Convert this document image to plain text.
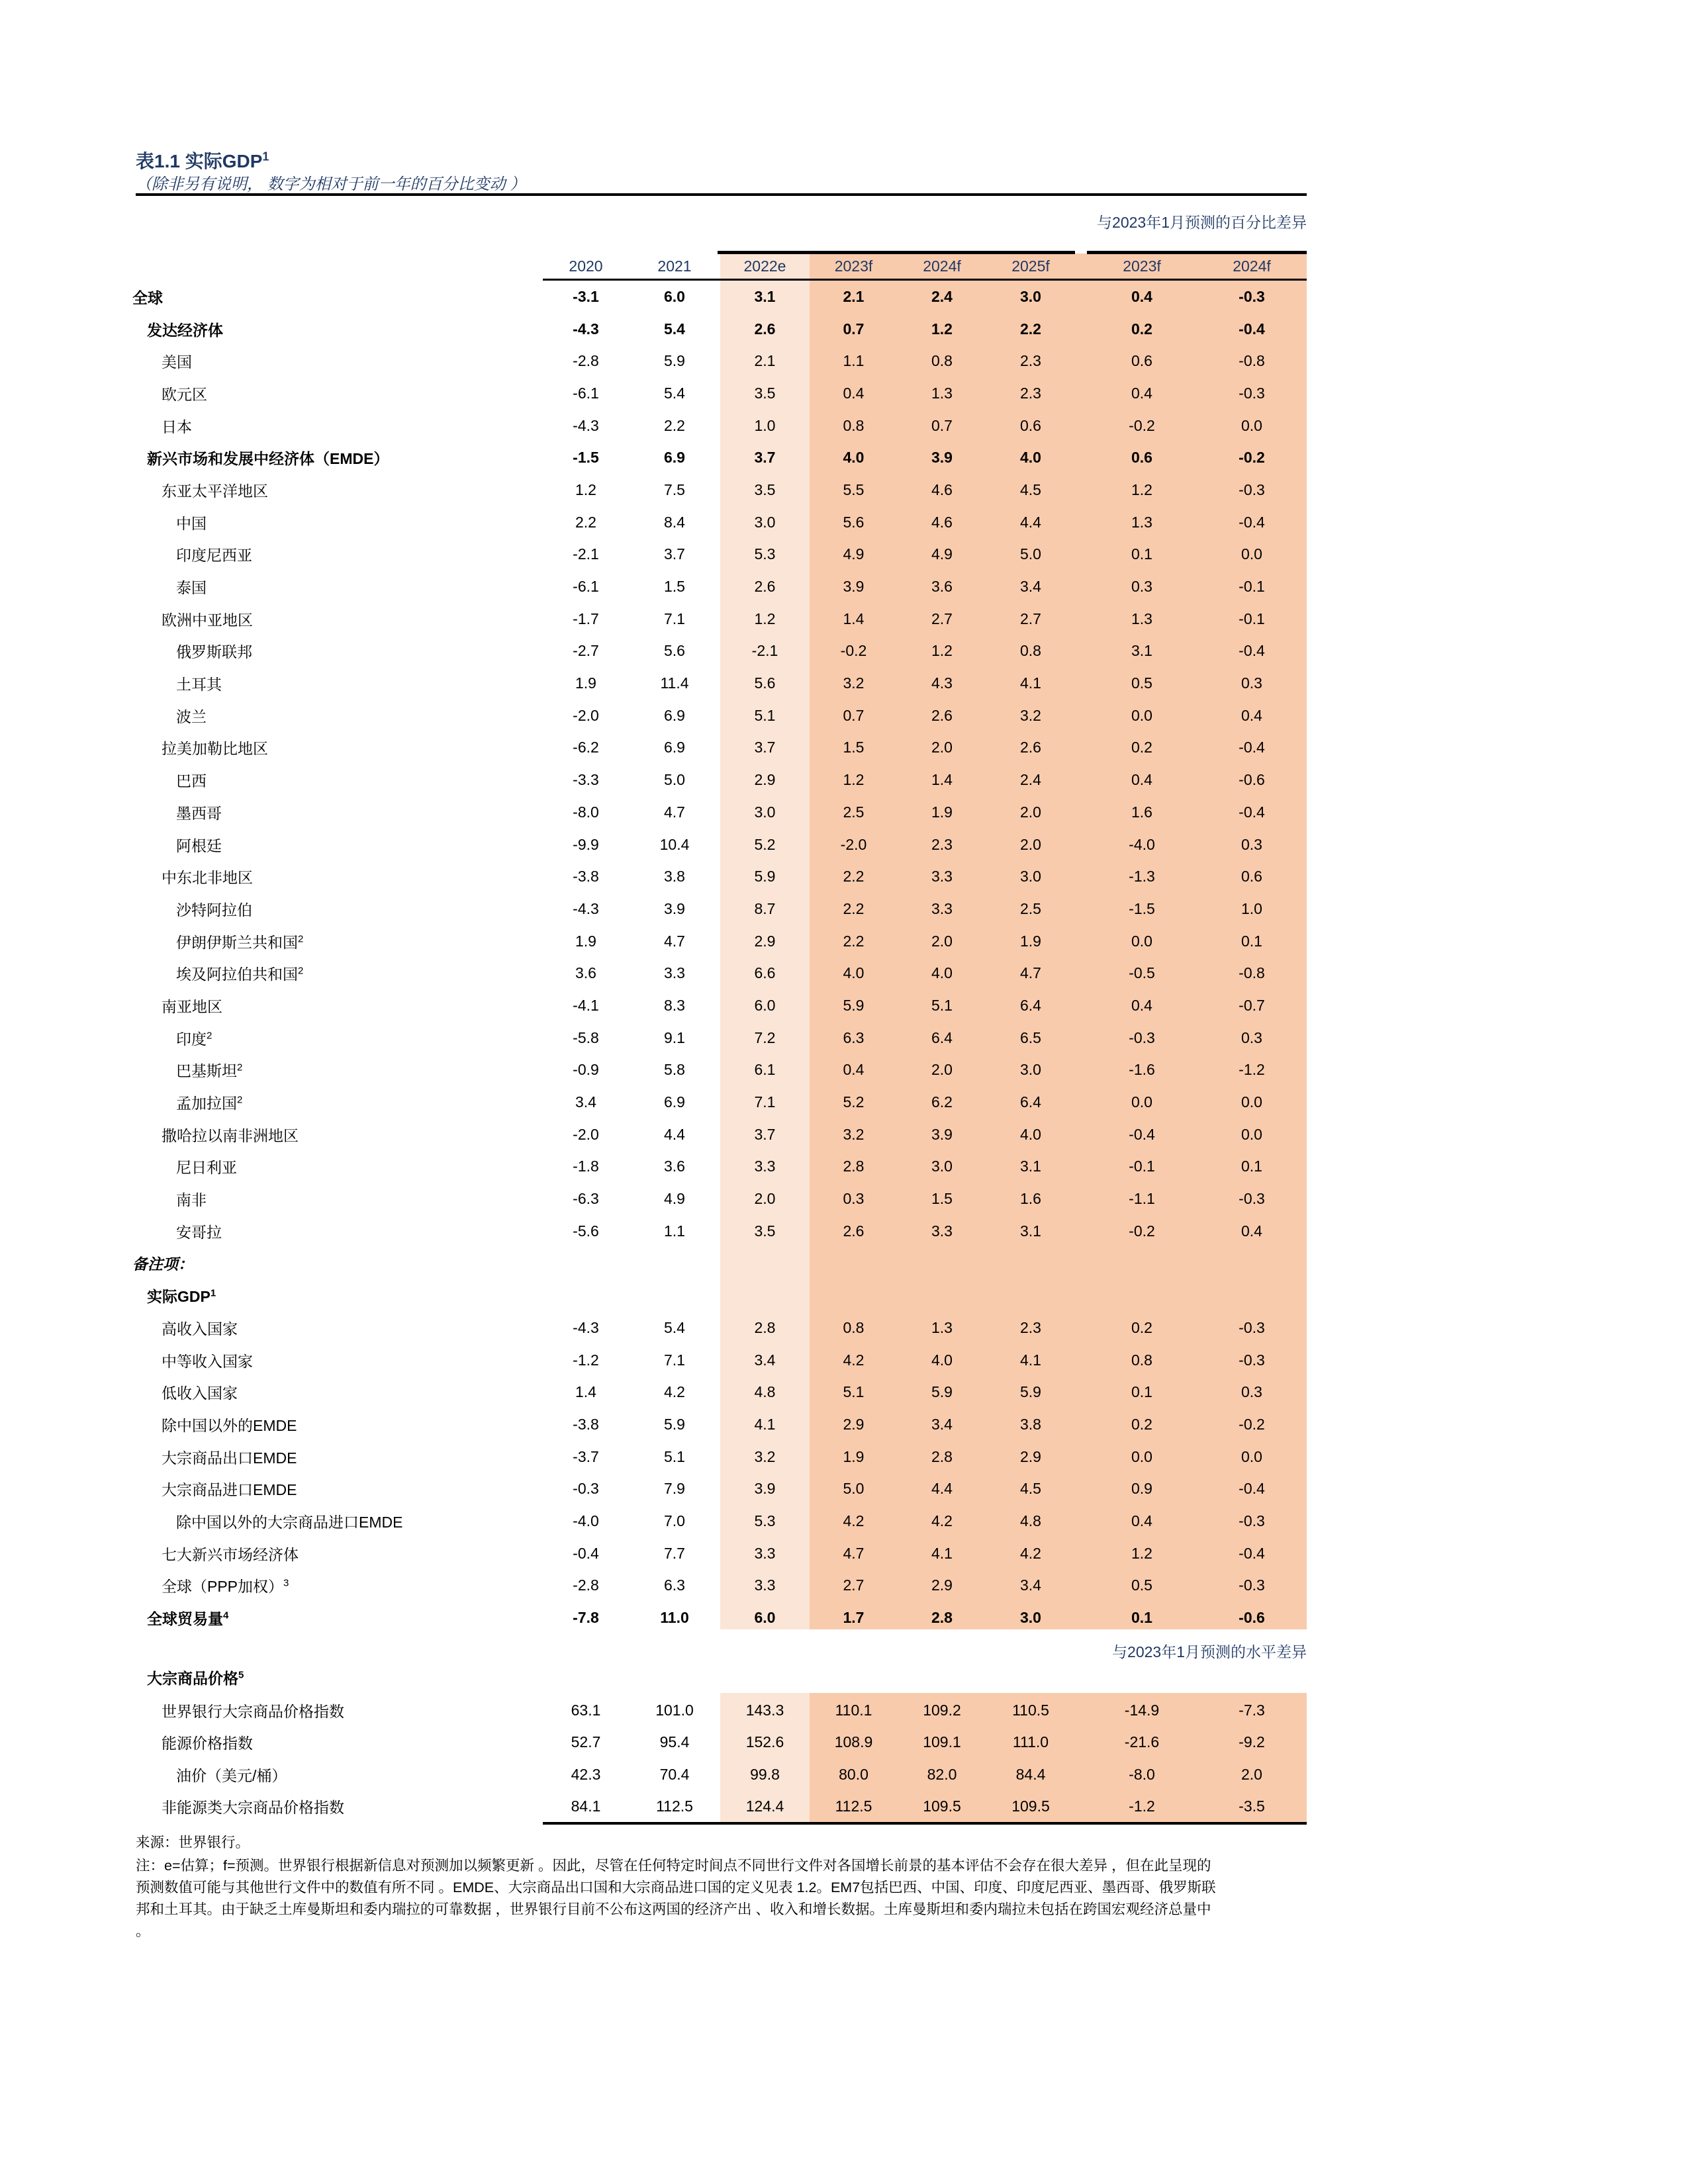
表1.1 实际GDP$^1$
（除非另有说明， 数字为相对于前一年的百分比变动 ）
与2023年1月预测的百分比差异
与2023年1月预测的水平差异
2020	2021	2022e	2023f	2024f	2025f	2023f	2024f
全球	-3.1	6.0	3.1	2.1	2.4	3.0	0.4	-0.3
发达经济体	-4.3	5.4	2.6	0.7	1.2	2.2	0.2	-0.4
美国	-2.8	5.9	2.1	1.1	0.8	2.3	0.6	-0.8
欧元区	-6.1	5.4	3.5	0.4	1.3	2.3	0.4	-0.3
日本	-4.3	2.2	1.0	0.8	0.7	0.6	-0.2	0.0
新兴市场和发展中经济体（EMDE）	-1.5	6.9	3.7	4.0	3.9	4.0	0.6	-0.2
东亚太平洋地区	1.2	7.5	3.5	5.5	4.6	4.5	1.2	-0.3
中国	2.2	8.4	3.0	5.6	4.6	4.4	1.3	-0.4
印度尼西亚	-2.1	3.7	5.3	4.9	4.9	5.0	0.1	0.0
泰国	-6.1	1.5	2.6	3.9	3.6	3.4	0.3	-0.1
欧洲中亚地区	-1.7	7.1	1.2	1.4	2.7	2.7	1.3	-0.1
俄罗斯联邦	-2.7	5.6	-2.1	-0.2	1.2	0.8	3.1	-0.4
土耳其	1.9	11.4	5.6	3.2	4.3	4.1	0.5	0.3
波兰	-2.0	6.9	5.1	0.7	2.6	3.2	0.0	0.4
拉美加勒比地区	-6.2	6.9	3.7	1.5	2.0	2.6	0.2	-0.4
巴西	-3.3	5.0	2.9	1.2	1.4	2.4	0.4	-0.6
墨西哥	-8.0	4.7	3.0	2.5	1.9	2.0	1.6	-0.4
阿根廷	-9.9	10.4	5.2	-2.0	2.3	2.0	-4.0	0.3
中东北非地区	-3.8	3.8	5.9	2.2	3.3	3.0	-1.3	0.6
沙特阿拉伯	-4.3	3.9	8.7	2.2	3.3	2.5	-1.5	1.0
伊朗伊斯兰共和国$^2$	1.9	4.7	2.9	2.2	2.0	1.9	0.0	0.1
埃及阿拉伯共和国$^2$	3.6	3.3	6.6	4.0	4.0	4.7	-0.5	-0.8
南亚地区	-4.1	8.3	6.0	5.9	5.1	6.4	0.4	-0.7
印度$^2$	-5.8	9.1	7.2	6.3	6.4	6.5	-0.3	0.3
巴基斯坦$^2$	-0.9	5.8	6.1	0.4	2.0	3.0	-1.6	-1.2
孟加拉国$^2$	3.4	6.9	7.1	5.2	6.2	6.4	0.0	0.0
撒哈拉以南非洲地区	-2.0	4.4	3.7	3.2	3.9	4.0	-0.4	0.0
尼日利亚	-1.8	3.6	3.3	2.8	3.0	3.1	-0.1	0.1
南非	-6.3	4.9	2.0	0.3	1.5	1.6	-1.1	-0.3
安哥拉	-5.6	1.1	3.5	2.6	3.3	3.1	-0.2	0.4
备注项：
实际GDP$^1$
高收入国家	-4.3	5.4	2.8	0.8	1.3	2.3	0.2	-0.3
中等收入国家	-1.2	7.1	3.4	4.2	4.0	4.1	0.8	-0.3
低收入国家	1.4	4.2	4.8	5.1	5.9	5.9	0.1	0.3
除中国以外的EMDE	-3.8	5.9	4.1	2.9	3.4	3.8	0.2	-0.2
大宗商品出口EMDE	-3.7	5.1	3.2	1.9	2.8	2.9	0.0	0.0
大宗商品进口EMDE	-0.3	7.9	3.9	5.0	4.4	4.5	0.9	-0.4
除中国以外的大宗商品进口EMDE	-4.0	7.0	5.3	4.2	4.2	4.8	0.4	-0.3
七大新兴市场经济体	-0.4	7.7	3.3	4.7	4.1	4.2	1.2	-0.4
全球（PPP加权）$^3$	-2.8	6.3	3.3	2.7	2.9	3.4	0.5	-0.3
全球贸易量$^4$	-7.8	11.0	6.0	1.7	2.8	3.0	0.1	-0.6
大宗商品价格$^5$
世界银行大宗商品价格指数	63.1	101.0	143.3	110.1	109.2	110.5	-14.9	-7.3
能源价格指数	52.7	95.4	152.6	108.9	109.1	111.0	-21.6	-9.2
油价（美元/桶）	42.3	70.4	99.8	80.0	82.0	84.4	-8.0	2.0
非能源类大宗商品价格指数	84.1	112.5	124.4	112.5	109.5	109.5	-1.2	-3.5
来源：世界银行。
注：e=估算；f=预测。世界银行根据新信息对预测加以频繁更新 。因此，尽管在任何特定时间点不同世行文件对各国增长前景的基本评估不会存在很大差异 ，但在此呈现的
预测数值可能与其他世行文件中的数值有所不同 。EMDE、大宗商品出口国和大宗商品进口国的定义见表 1.2。EM7包括巴西、中国、印度、印度尼西亚、墨西哥、俄罗斯联
邦和土耳其。由于缺乏土库曼斯坦和委内瑞拉的可靠数据 ，世界银行目前不公布这两国的经济产出 、收入和增长数据。土库曼斯坦和委内瑞拉未包括在跨国宏观经济总量中
。
